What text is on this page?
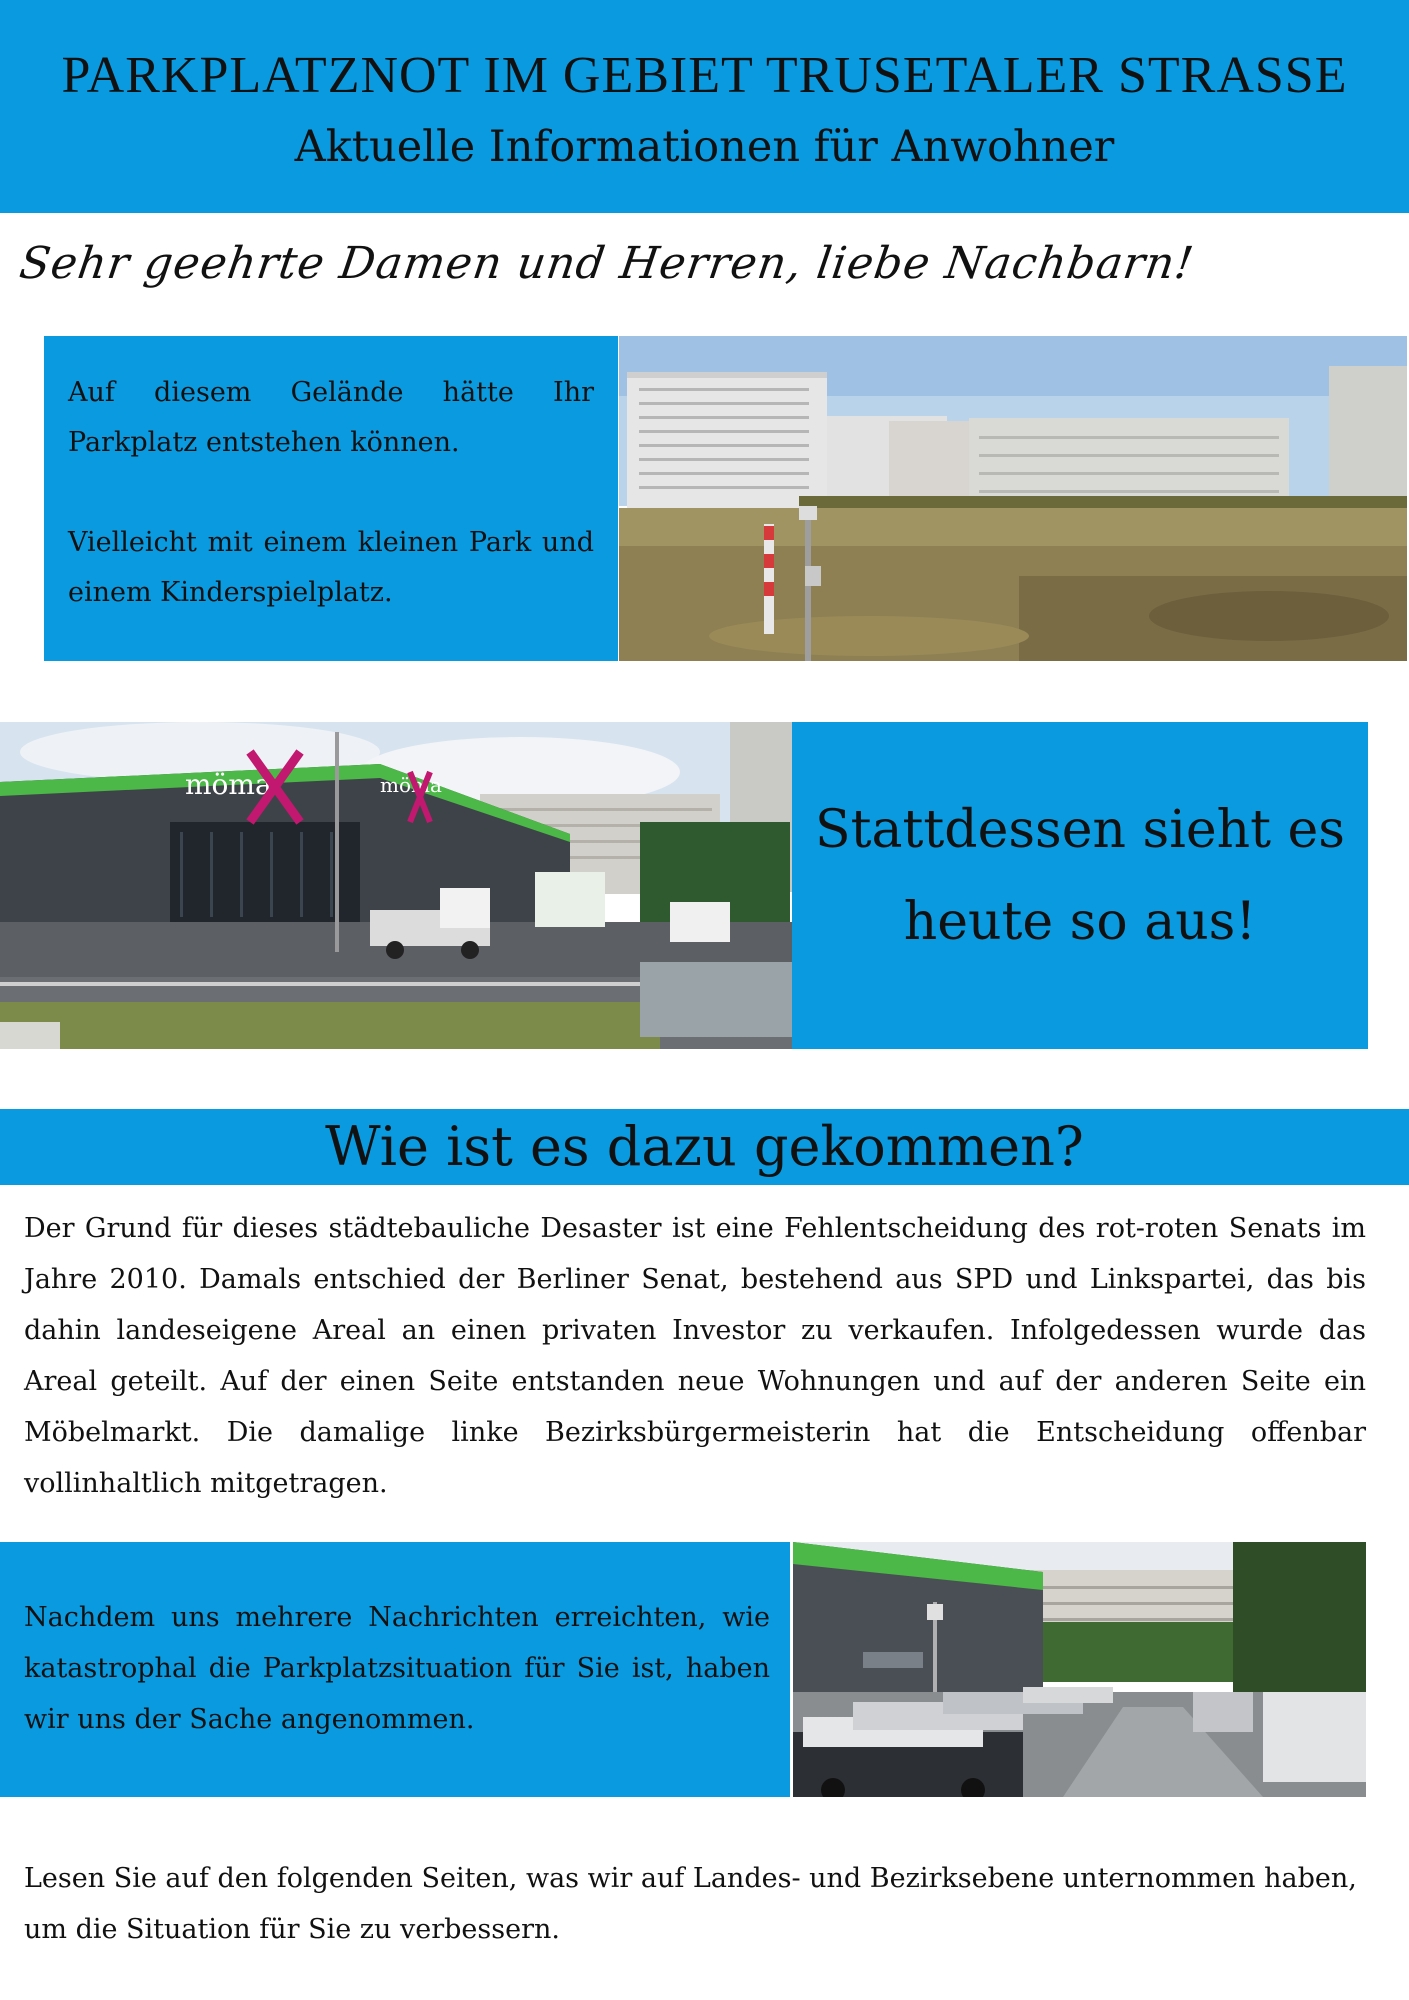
PARKPLATZNOT IM GEBIET TRUSETALER STRASSE
Aktuelle Informationen für Anwohner
Sehr geehrte Damen und Herren, liebe Nachbarn!

Auf diesem Gelände hätte Ihr Parkplatz entstehen können.

Vielleicht mit einem kleinen Park und einem Kinderspielplatz.

möma	möma
Stattdessen sieht es
heute so aus!
Wie ist es dazu gekommen?

Der Grund für dieses städtebauliche Desaster ist eine Fehlentscheidung des rot-roten Senats im Jahre 2010. Damals entschied der Berliner Senat, bestehend aus SPD und Linkspartei, das bis dahin landeseigene Areal an einen privaten Investor zu verkaufen. Infolgedessen wurde das Areal geteilt. Auf der einen Seite entstanden neue Wohnungen und auf der anderen Seite ein Möbelmarkt. Die damalige linke Bezirksbürgermeisterin hat die Entscheidung offenbar vollinhaltlich mitgetragen.

Nachdem uns mehrere Nachrichten erreichten, wie katastrophal die Parkplatzsituation für Sie ist, haben wir uns der Sache angenommen.

Lesen Sie auf den folgenden Seiten, was wir auf Landes- und Bezirksebene unternommen haben, um die Situation für Sie zu verbessern.
